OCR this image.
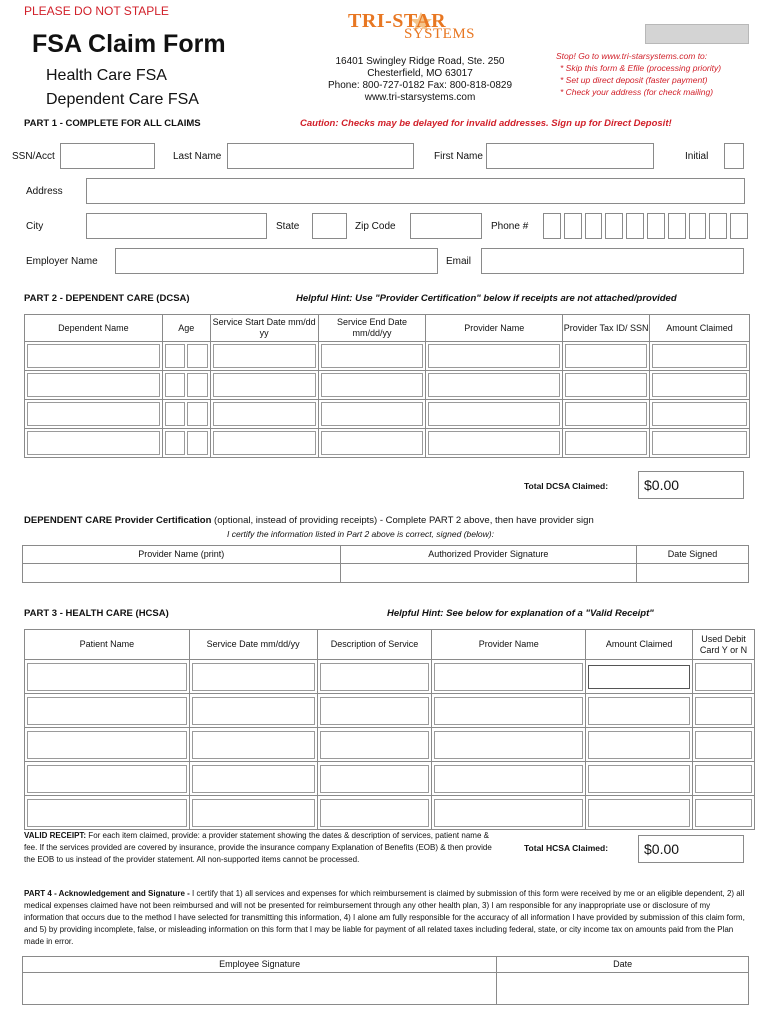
PLEASE DO NOT STAPLE
FSA Claim Form
Health Care FSA
Dependent Care FSA
TRI-STAR
SYSTEMS
16401 Swingley Ridge Road, Ste. 250
Chesterfield, MO 63017
Phone: 800-727-0182 Fax: 800-818-0829
www.tri-starsystems.com
Stop! Go to www.tri-starsystems.com to:
* Skip this form & Efile (processing priority)
* Set up direct deposit (faster payment)
* Check your address (for check mailing)
PART 1 - COMPLETE FOR ALL CLAIMS	Caution: Checks may be delayed for invalid addresses. Sign up for Direct Deposit!
SSN/Acct	Last Name	First Name	Initial
Address
City	State	Zip Code	Phone #
Employer Name	Email
PART 2 - DEPENDENT CARE (DCSA)	Helpful Hint: Use "Provider Certification" below if receipts are not attached/provided
Dependent Name	Age	Service Start Date mm/dd yy	Service End Date mm/dd/yy	Provider Name	Provider Tax ID/ SSN	Amount Claimed

Total DCSA Claimed:	$0.00
DEPENDENT CARE Provider Certification (optional, instead of providing receipts) - Complete PART 2 above, then have provider sign
I certify the information listed in Part 2 above is correct, signed (below):
Provider Name (print)	Authorized Provider Signature	Date Signed

PART 3 - HEALTH CARE (HCSA)	Helpful Hint: See below for explanation of a "Valid Receipt"
Patient Name	Service Date mm/dd/yy	Description of Service	Provider Name	Amount Claimed	Used Debit Card Y or N

VALID RECEIPT: For each item claimed, provide: a provider statement showing the dates & description of services, patient name & fee. If the services provided are covered by insurance, provide the insurance company Explanation of Benefits (EOB) & then provide the EOB to us instead of the provider statement. All non-supported items cannot be processed.
Total HCSA Claimed:	$0.00
PART 4 - Acknowledgement and Signature - I certify that 1) all services and expenses for which reimbursement is claimed by submission of this form were received by me or an eligible dependent, 2) all medical expenses claimed have not been reimbursed and will not be presented for reimbursement through any other health plan, 3) I am responsible for any inappropriate use or disclosure of my information that occurs due to the method I have selected for transmitting this information, 4) I alone am fully responsible for the accuracy of all information I have provided by submission of this claim form, and 5) by providing incomplete, false, or misleading information on this form that I may be liable for payment of all related taxes including federal, state, or city income tax on amounts paid from the Plan made in error.
Employee Signature	Date
